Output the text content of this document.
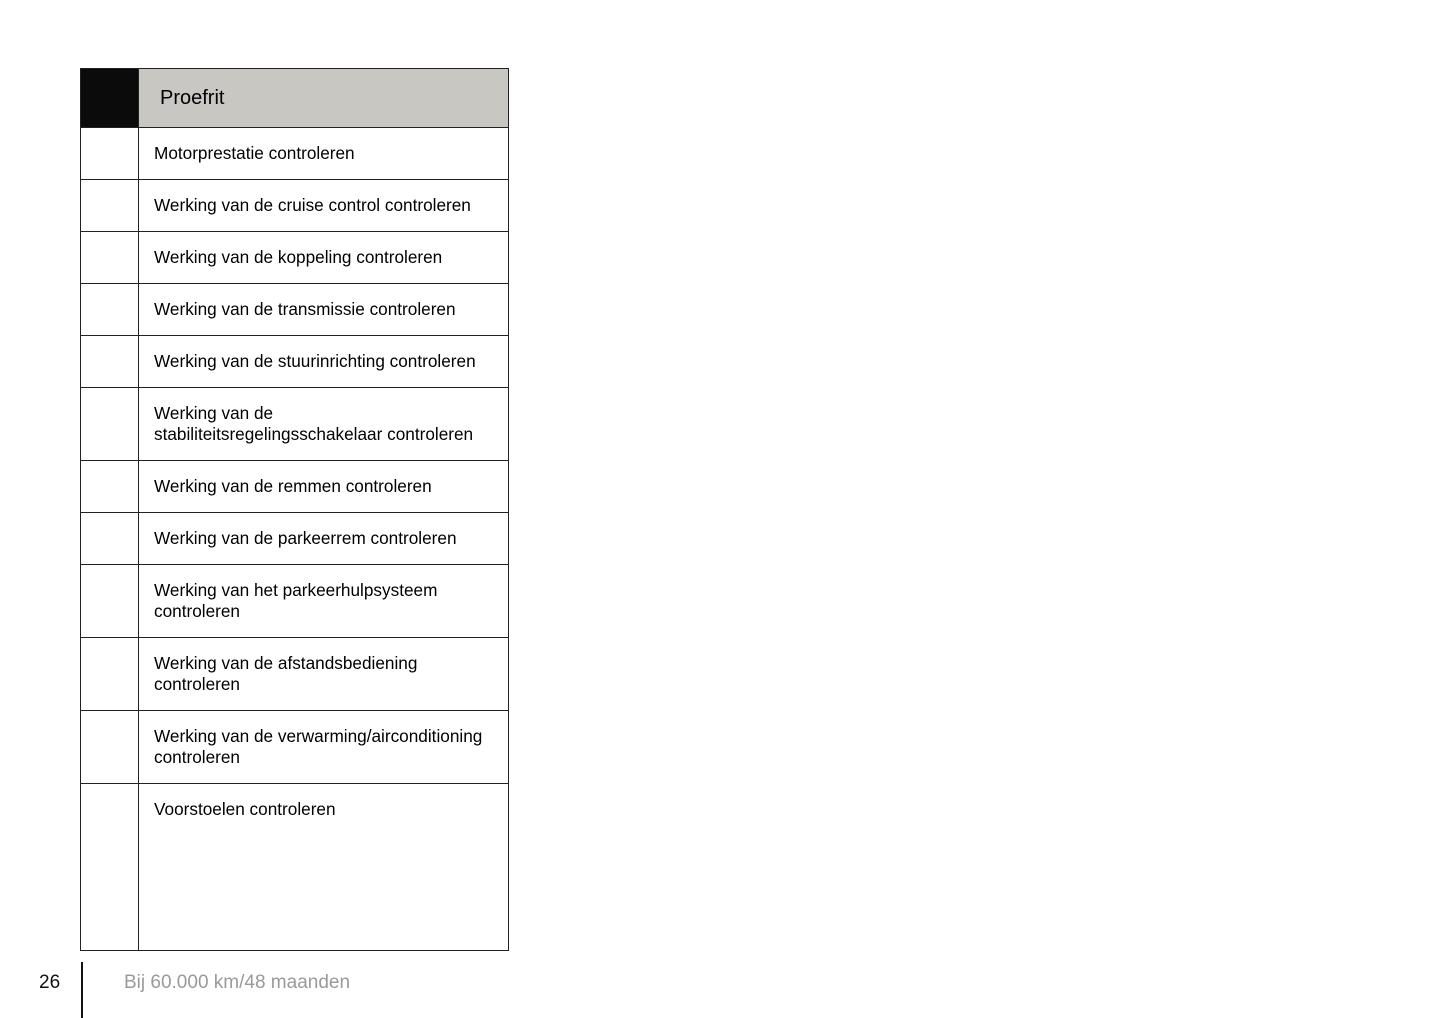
	Proefrit
	Motorprestatie controleren
	Werking van de cruise control controleren
	Werking van de koppeling controleren
	Werking van de transmissie controleren
	Werking van de stuurinrichting controleren
	Werking van de stabiliteitsregelingsschakelaar controleren
	Werking van de remmen controleren
	Werking van de parkeerrem controleren
	Werking van het parkeerhulpsysteem controleren
	Werking van de afstandsbediening controleren
	Werking van de verwarming/airconditioning controleren
	Voorstoelen controleren
26	Bij 60.000 km/48 maanden
